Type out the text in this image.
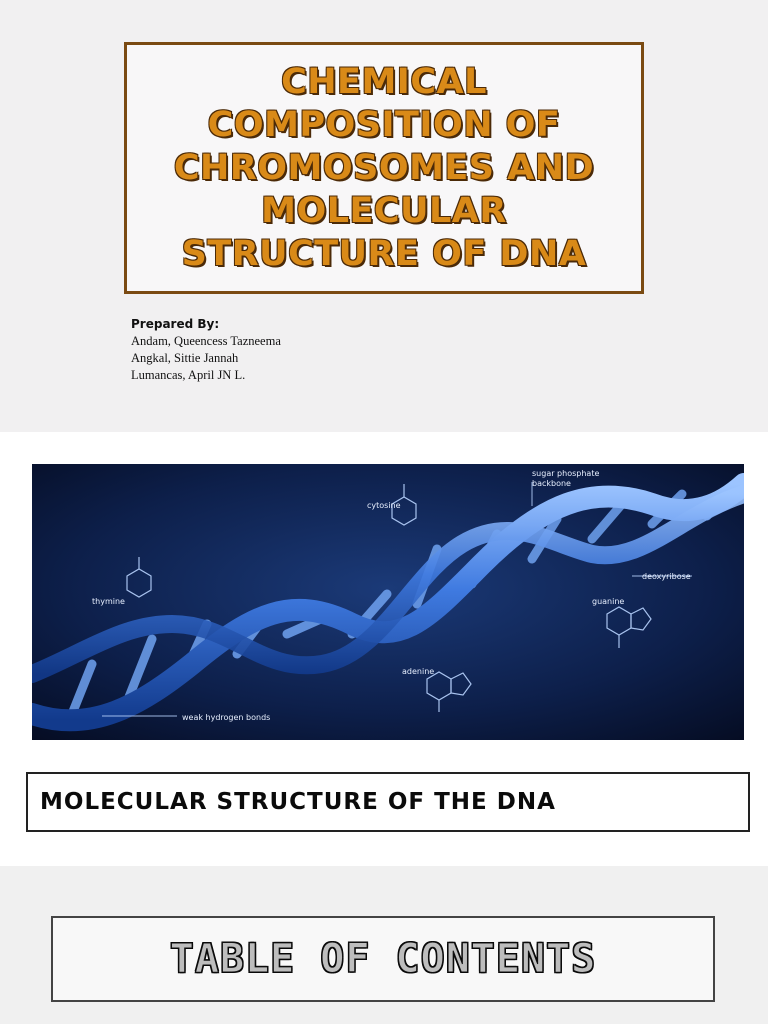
CHEMICAL
COMPOSITION OF
CHROMOSOMES AND
MOLECULAR
STRUCTURE OF DNA
Prepared By:
Andam, Queencess Tazneema
Angkal, Sittie Jannah
Lumancas, April JN L.
sugar phosphate
backbone
cytosine
thymine
deoxyribose
guanine
adenine
weak hydrogen bonds
MOLECULAR STRUCTURE OF THE DNA
TABLE OF CONTENTS
